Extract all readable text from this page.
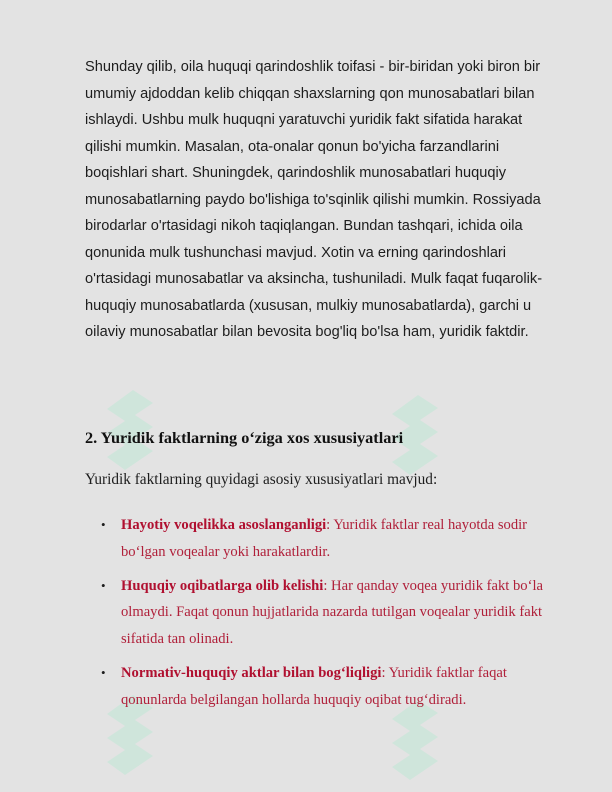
Shunday qilib, oila huquqi qarindoshlik toifasi - bir-biridan yoki biron bir umumiy ajdoddan kelib chiqqan shaxslarning qon munosabatlari bilan ishlaydi. Ushbu mulk huquqni yaratuvchi yuridik fakt sifatida harakat qilishi mumkin. Masalan, ota-onalar qonun bo'yicha farzandlarini boqishlari shart. Shuningdek, qarindoshlik munosabatlari huquqiy munosabatlarning paydo bo'lishiga to'sqinlik qilishi mumkin. Rossiyada birodarlar o'rtasidagi nikoh taqiqlangan. Bundan tashqari, ichida oila qonunida mulk tushunchasi mavjud. Xotin va erning qarindoshlari o'rtasidagi munosabatlar va aksincha, tushuniladi. Mulk faqat fuqarolik-huquqiy munosabatlarda (xususan, mulkiy munosabatlarda), garchi u oilaviy munosabatlar bilan bevosita bog'liq bo'lsa ham, yuridik faktdir.

2. Yuridik faktlarning o‘ziga xos xususiyatlari

Yuridik faktlarning quyidagi asosiy xususiyatlari mavjud:

• Hayotiy voqelikka asoslanganligi: Yuridik faktlar real hayotda sodir bo‘lgan voqealar yoki harakatlardir.
• Huquqiy oqibatlarga olib kelishi: Har qanday voqea yuridik fakt bo‘la olmaydi. Faqat qonun hujjatlarida nazarda tutilgan voqealar yuridik fakt sifatida tan olinadi.
• Normativ-huquqiy aktlar bilan bog‘liqligi: Yuridik faktlar faqat qonunlarda belgilangan hollarda huquqiy oqibat tug‘diradi.
